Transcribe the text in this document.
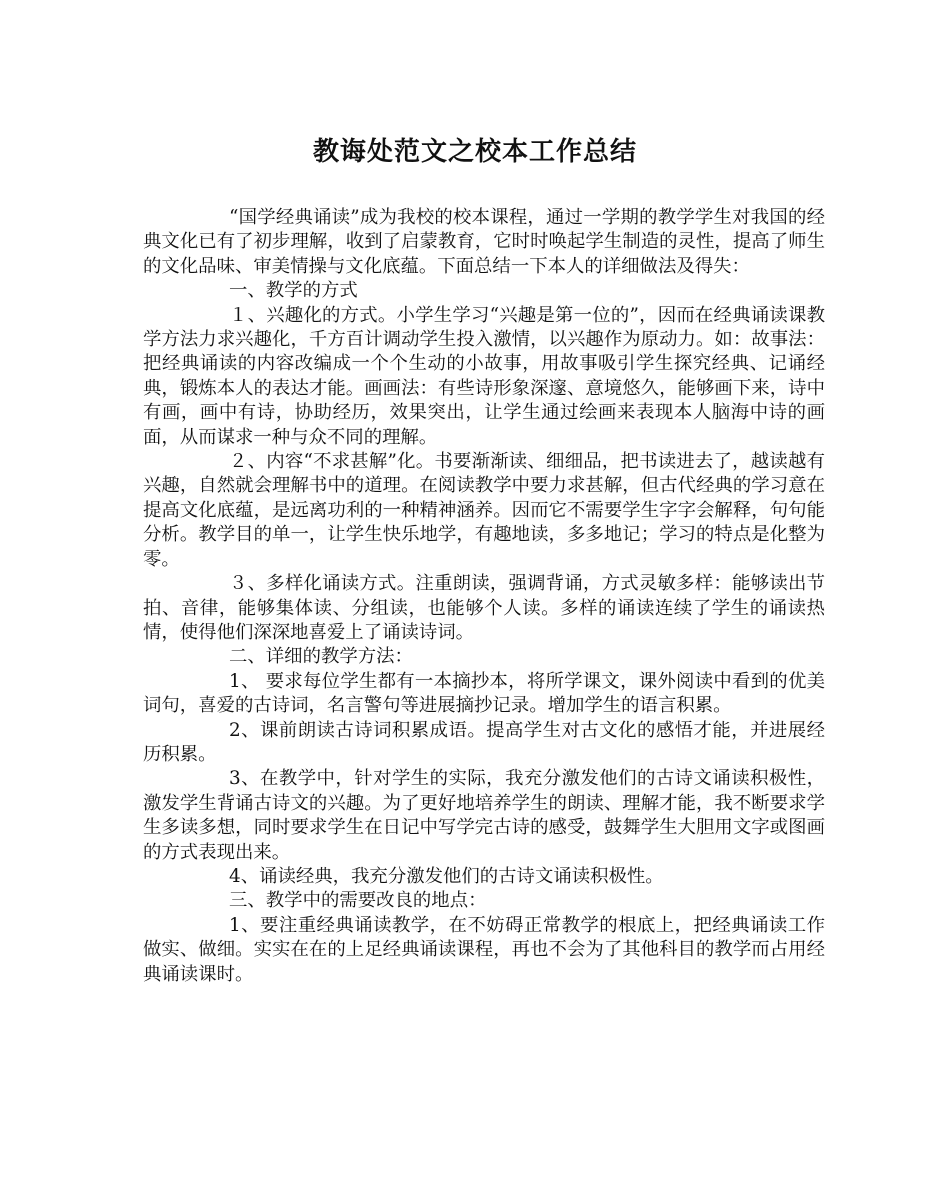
教诲处范文之校本工作总结

“国学经典诵读”成为我校的校本课程，通过一学期的教学学生对我国的经典文化已有了初步理解，收到了启蒙教育，它时时唤起学生制造的灵性，提高了师生的文化品味、审美情操与文化底蕴。下面总结一下本人的详细做法及得失：

一、教学的方式

１、兴趣化的方式。小学生学习“兴趣是第一位的”，因而在经典诵读课教学方法力求兴趣化，千方百计调动学生投入激情，以兴趣作为原动力。如：故事法：把经典诵读的内容改编成一个个生动的小故事，用故事吸引学生探究经典、记诵经典，锻炼本人的表达才能。画画法：有些诗形象深邃、意境悠久，能够画下来，诗中有画，画中有诗，协助经历，效果突出，让学生通过绘画来表现本人脑海中诗的画面，从而谋求一种与众不同的理解。

２、内容“不求甚解”化。书要渐渐读、细细品，把书读进去了，越读越有兴趣，自然就会理解书中的道理。在阅读教学中要力求甚解，但古代经典的学习意在提高文化底蕴，是远离功利的一种精神涵养。因而它不需要学生字字会解释，句句能分析。教学目的单一，让学生快乐地学，有趣地读，多多地记；学习的特点是化整为零。

３、多样化诵读方式。注重朗读，强调背诵，方式灵敏多样：能够读出节拍、音律，能够集体读、分组读，也能够个人读。多样的诵读连续了学生的诵读热情，使得他们深深地喜爱上了诵读诗词。

二、详细的教学方法：

1、 要求每位学生都有一本摘抄本，将所学课文，课外阅读中看到的优美词句，喜爱的古诗词，名言警句等进展摘抄记录。增加学生的语言积累。

2、课前朗读古诗词积累成语。提高学生对古文化的感悟才能，并进展经历积累。

3、在教学中，针对学生的实际，我充分激发他们的古诗文诵读积极性，激发学生背诵古诗文的兴趣。为了更好地培养学生的朗读、理解才能，我不断要求学生多读多想，同时要求学生在日记中写学完古诗的感受，鼓舞学生大胆用文字或图画的方式表现出来。

4、诵读经典，我充分激发他们的古诗文诵读积极性。

三、教学中的需要改良的地点：

1、要注重经典诵读教学，在不妨碍正常教学的根底上，把经典诵读工作做实、做细。实实在在的上足经典诵读课程，再也不会为了其他科目的教学而占用经典诵读课时。
